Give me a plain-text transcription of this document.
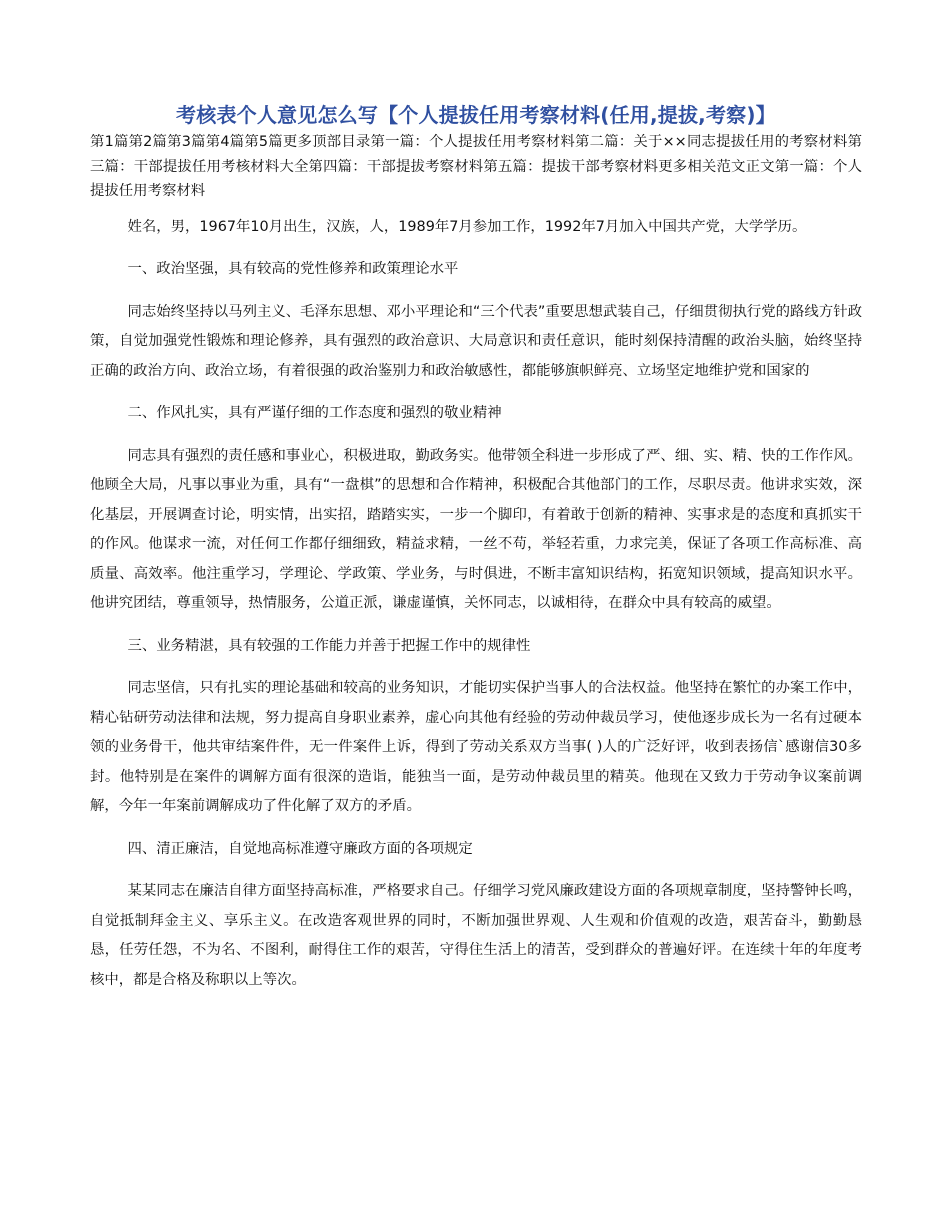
考核表个人意见怎么写【个人提拔任用考察材料(任用,提拔,考察)】

第1篇第2篇第3篇第4篇第5篇更多顶部目录第一篇：个人提拔任用考察材料第二篇：关于××同志提拔任用的考察材料第三篇：干部提拔任用考核材料大全第四篇：干部提拔考察材料第五篇：提拔干部考察材料更多相关范文正文第一篇：个人提拔任用考察材料

姓名，男，1967年10月出生，汉族，人，1989年7月参加工作，1992年7月加入中国共产党，大学学历。

一、政治坚强，具有较高的党性修养和政策理论水平

同志始终坚持以马列主义、毛泽东思想、邓小平理论和“三个代表”重要思想武装自己，仔细贯彻执行党的路线方针政策，自觉加强党性锻炼和理论修养，具有强烈的政治意识、大局意识和责任意识，能时刻保持清醒的政治头脑，始终坚持正确的政治方向、政治立场，有着很强的政治鉴别力和政治敏感性，都能够旗帜鲜亮、立场坚定地维护党和国家的

二、作风扎实，具有严谨仔细的工作态度和强烈的敬业精神

同志具有强烈的责任感和事业心，积极进取，勤政务实。他带领全科进一步形成了严、细、实、精、快的工作作风。他顾全大局，凡事以事业为重，具有“一盘棋”的思想和合作精神，积极配合其他部门的工作，尽职尽责。他讲求实效，深化基层，开展调查讨论，明实情，出实招，踏踏实实，一步一个脚印，有着敢于创新的精神、实事求是的态度和真抓实干的作风。他谋求一流，对任何工作都仔细细致，精益求精，一丝不苟，举轻若重，力求完美，保证了各项工作高标准、高质量、高效率。他注重学习，学理论、学政策、学业务，与时俱进，不断丰富知识结构，拓宽知识领域，提高知识水平。他讲究团结，尊重领导，热情服务，公道正派，谦虚谨慎，关怀同志，以诚相待，在群众中具有较高的威望。

三、业务精湛，具有较强的工作能力并善于把握工作中的规律性

同志坚信，只有扎实的理论基础和较高的业务知识，才能切实保护当事人的合法权益。他坚持在繁忙的办案工作中，精心钻研劳动法律和法规，努力提高自身职业素养，虚心向其他有经验的劳动仲裁员学习，使他逐步成长为一名有过硬本领的业务骨干，他共审结案件件，无一件案件上诉，得到了劳动关系双方当事( )人的广泛好评，收到表扬信`感谢信30多封。他特别是在案件的调解方面有很深的造诣，能独当一面，是劳动仲裁员里的精英。他现在又致力于劳动争议案前调解，今年一年案前调解成功了件化解了双方的矛盾。

四、清正廉洁，自觉地高标准遵守廉政方面的各项规定

某某同志在廉洁自律方面坚持高标准，严格要求自己。仔细学习党风廉政建设方面的各项规章制度，坚持警钟长鸣，自觉抵制拜金主义、享乐主义。在改造客观世界的同时，不断加强世界观、人生观和价值观的改造，艰苦奋斗，勤勤恳恳，任劳任怨，不为名、不图利，耐得住工作的艰苦，守得住生活上的清苦，受到群众的普遍好评。在连续十年的年度考核中，都是合格及称职以上等次。
